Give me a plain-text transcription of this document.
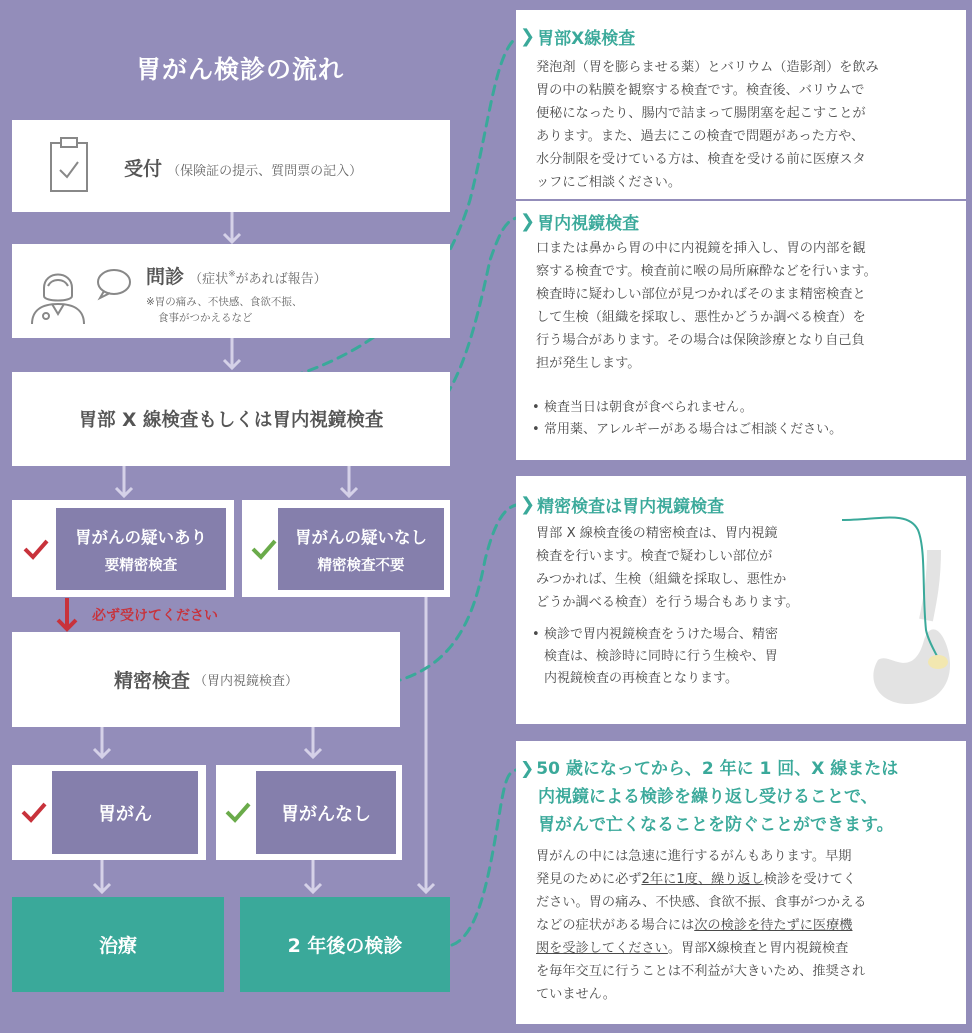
胃がん検診の流れ
受付 （保険証の提示、質問票の記入）
問診 （症状※があれば報告）
※胃の痛み、不快感、食欲不振、
食事がつかえるなど
胃部 X 線検査もしくは胃内視鏡検査
胃がんの疑いあり
要精密検査
胃がんの疑いなし
精密検査不要
必ず受けてください
精密検査 （胃内視鏡検査）
胃がん	胃がんなし
治療	2 年後の検診
❯ 胃部X線検査
発泡剤（胃を膨らませる薬）とバリウム（造影剤）を飲み
胃の中の粘膜を観察する検査です。検査後、バリウムで
便秘になったり、腸内で詰まって腸閉塞を起こすことが
あります。また、過去にこの検査で問題があった方や、
水分制限を受けている方は、検査を受ける前に医療スタ
ッフにご相談ください。
❯ 胃内視鏡検査
口または鼻から胃の中に内視鏡を挿入し、胃の内部を観
察する検査です。検査前に喉の局所麻酔などを行います。
検査時に疑わしい部位が見つかればそのまま精密検査と
して生検（組織を採取し、悪性かどうか調べる検査）を
行う場合があります。その場合は保険診療となり自己負
担が発生します。
• 検査当日は朝食が食べられません。
• 常用薬、アレルギーがある場合はご相談ください。
❯ 精密検査は胃内視鏡検査
胃部 X 線検査後の精密検査は、胃内視鏡
検査を行います。検査で疑わしい部位が
みつかれば、生検（組織を採取し、悪性か
どうか調べる検査）を行う場合もあります。
• 検診で胃内視鏡検査をうけた場合、精密
検査は、検診時に同時に行う生検や、胃
内視鏡検査の再検査となります。
❯ 50 歳になってから、2 年に 1 回、X 線または
内視鏡による検診を繰り返し受けることで、
胃がんで亡くなることを防ぐことができます。
胃がんの中には急速に進行するがんもあります。早期
発見のために必ず2年に1度、繰り返し検診を受けてく
ださい。胃の痛み、不快感、食欲不振、食事がつかえる
などの症状がある場合には次の検診を待たずに医療機
関を受診してください。胃部X線検査と胃内視鏡検査
を毎年交互に行うことは不利益が大きいため、推奨され
ていません。
